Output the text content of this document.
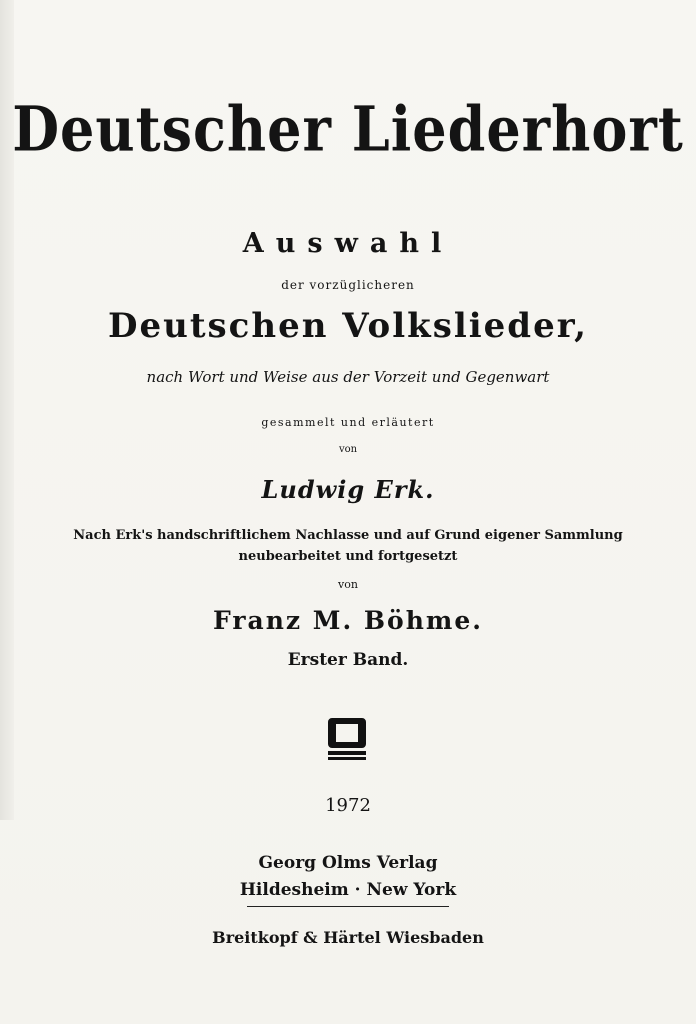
Deutscher Liederhort
Auswahl
der vorzüglicheren
Deutschen Volkslieder,
nach Wort und Weise aus der Vorzeit und Gegenwart
gesammelt und erläutert
von
Ludwig Erk.
Nach Erk's handschriftlichem Nachlasse und auf Grund eigener Sammlung
neubearbeitet und fortgesetzt
von
Franz M. Böhme.
Erster Band.
1972
Georg Olms Verlag
Hildesheim · New York
Breitkopf & Härtel Wiesbaden
